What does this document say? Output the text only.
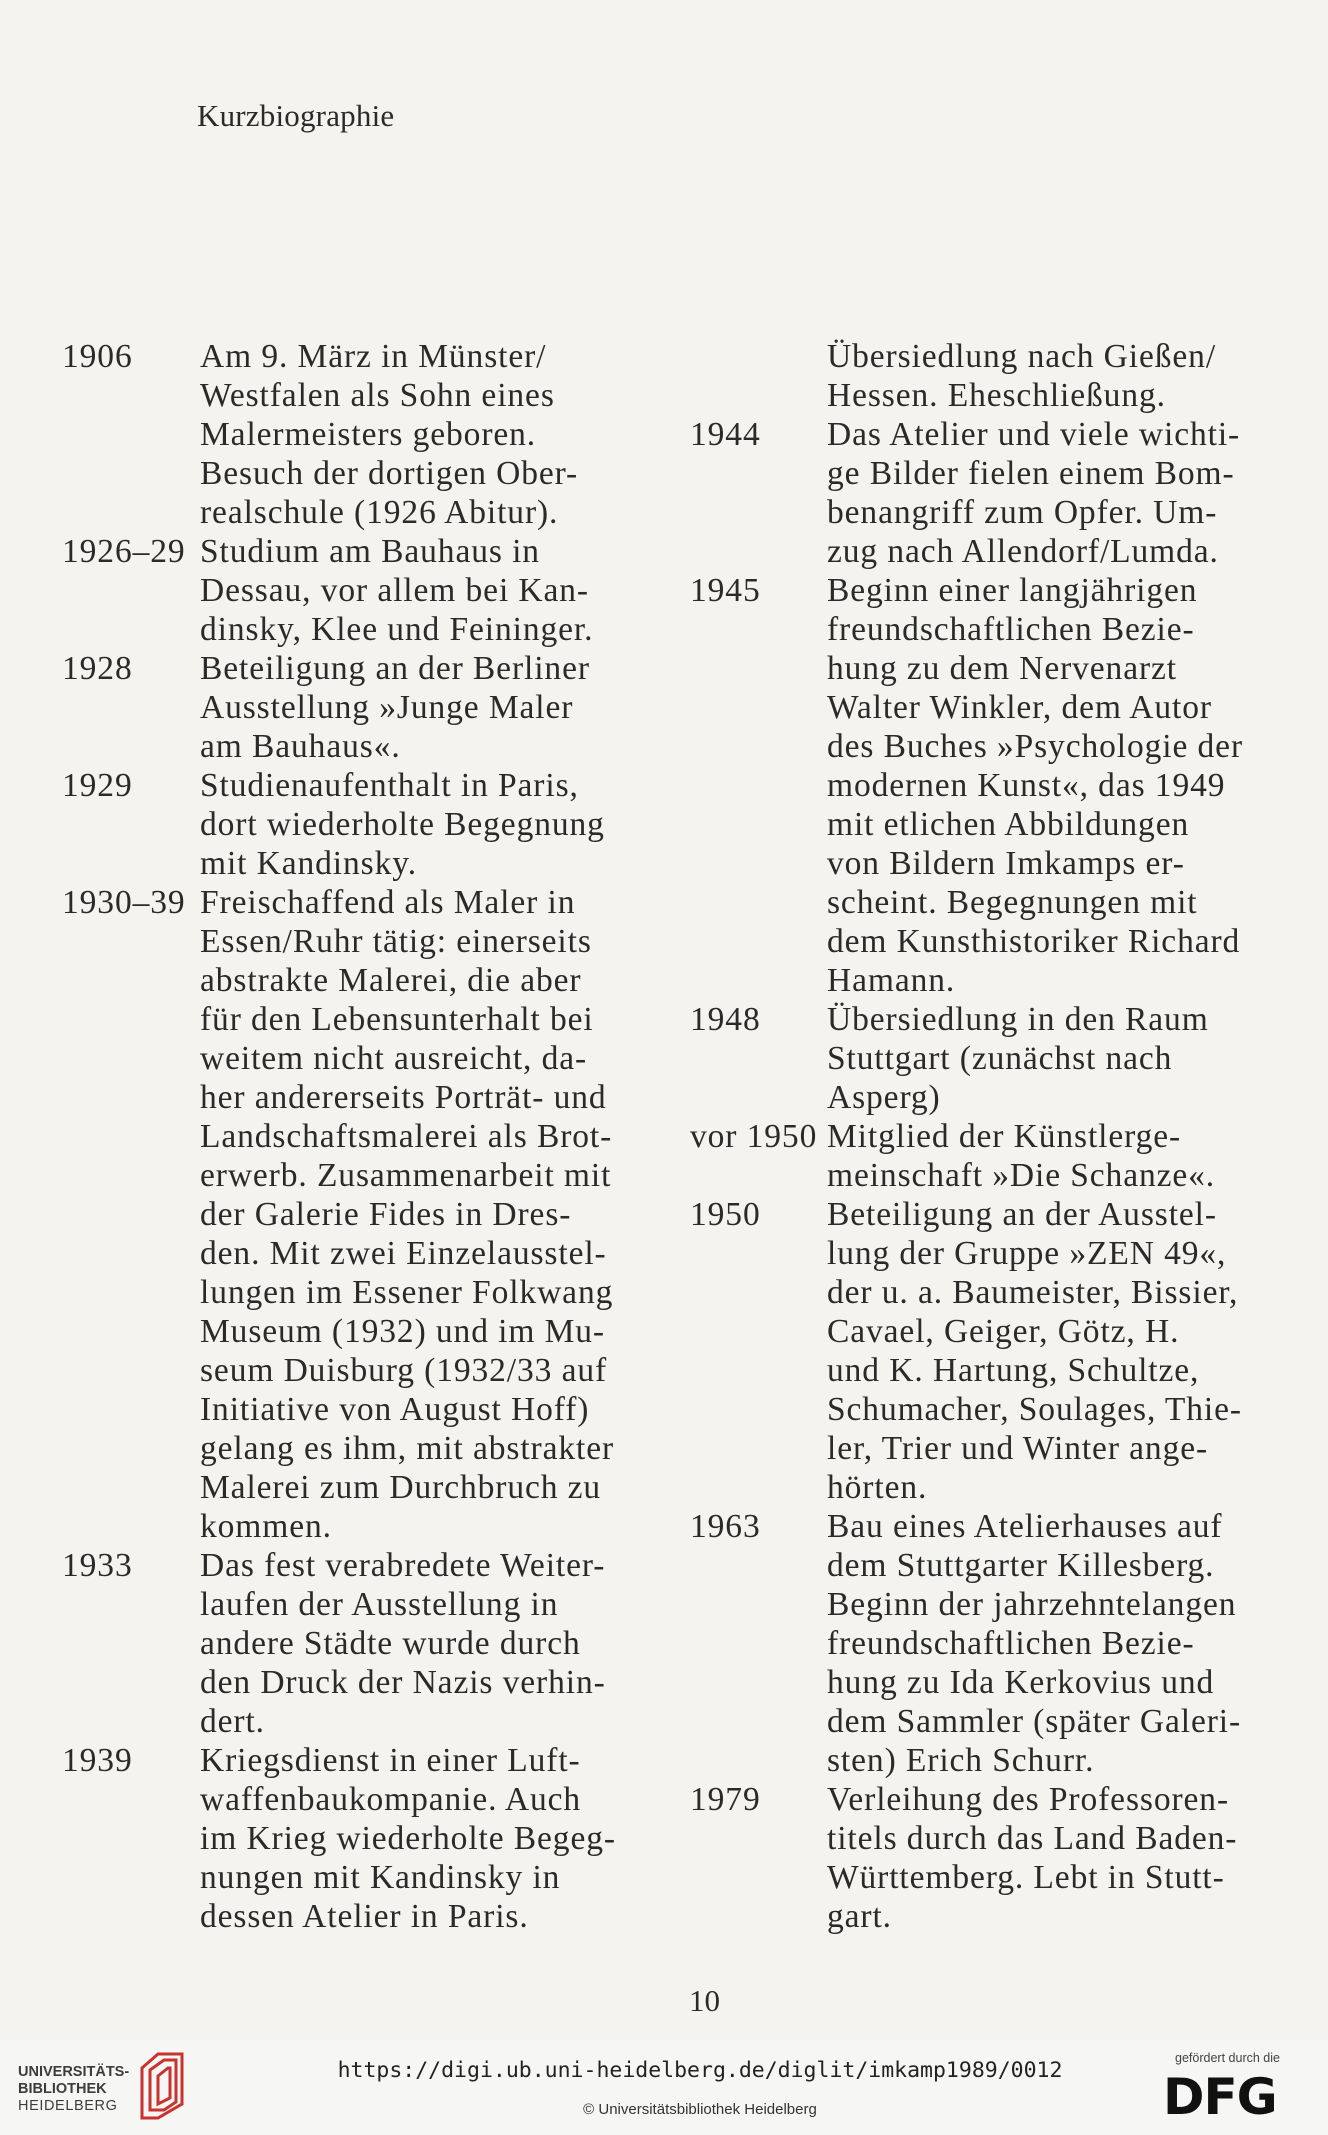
Kurzbiographie
1906	Am 9. März in Münster/
Westfalen als Sohn eines
Malermeisters geboren.
Besuch der dortigen Ober-
realschule (1926 Abitur).
1926–29 Studium am Bauhaus in
Dessau, vor allem bei Kan-
dinsky, Klee und Feininger.
1928	Beteiligung an der Berliner
Ausstellung »Junge Maler
am Bauhaus«.
1929	Studienaufenthalt in Paris,
dort wiederholte Begegnung
mit Kandinsky.
1930–39 Freischaffend als Maler in
Essen/Ruhr tätig: einerseits
abstrakte Malerei, die aber
für den Lebensunterhalt bei
weitem nicht ausreicht, da-
her andererseits Porträt- und
Landschaftsmalerei als Brot-
erwerb. Zusammenarbeit mit
der Galerie Fides in Dres-
den. Mit zwei Einzelausstel-
lungen im Essener Folkwang
Museum (1932) und im Mu-
seum Duisburg (1932/33 auf
Initiative von August Hoff)
gelang es ihm, mit abstrakter
Malerei zum Durchbruch zu
kommen.
1933	Das fest verabredete Weiter-
laufen der Ausstellung in
andere Städte wurde durch
den Druck der Nazis verhin-
dert.
1939	Kriegsdienst in einer Luft-
waffenbaukompanie. Auch
im Krieg wiederholte Begeg-
nungen mit Kandinsky in
dessen Atelier in Paris.
Übersiedlung nach Gießen/
Hessen. Eheschließung.
1944	Das Atelier und viele wichti-
ge Bilder fielen einem Bom-
benangriff zum Opfer. Um-
zug nach Allendorf/Lumda.
1945	Beginn einer langjährigen
freundschaftlichen Bezie-
hung zu dem Nervenarzt
Walter Winkler, dem Autor
des Buches »Psychologie der
modernen Kunst«, das 1949
mit etlichen Abbildungen
von Bildern Imkamps er-
scheint. Begegnungen mit
dem Kunsthistoriker Richard
Hamann.
1948	Übersiedlung in den Raum
Stuttgart (zunächst nach
Asperg)
vor 1950 Mitglied der Künstlerge-
meinschaft »Die Schanze«.
1950	Beteiligung an der Ausstel-
lung der Gruppe »ZEN 49«,
der u. a. Baumeister, Bissier,
Cavael, Geiger, Götz, H.
und K. Hartung, Schultze,
Schumacher, Soulages, Thie-
ler, Trier und Winter ange-
hörten.
1963	Bau eines Atelierhauses auf
dem Stuttgarter Killesberg.
Beginn der jahrzehntelangen
freundschaftlichen Bezie-
hung zu Ida Kerkovius und
dem Sammler (später Galeri-
sten) Erich Schurr.
1979	Verleihung des Professoren-
titels durch das Land Baden-
Württemberg. Lebt in Stutt-
gart.
10
UNIVERSITÄTS-
BIBLIOTHEK
HEIDELBERG
https://digi.ub.uni-heidelberg.de/diglit/imkamp1989/0012
© Universitätsbibliothek Heidelberg
gefördert durch die
DFG
